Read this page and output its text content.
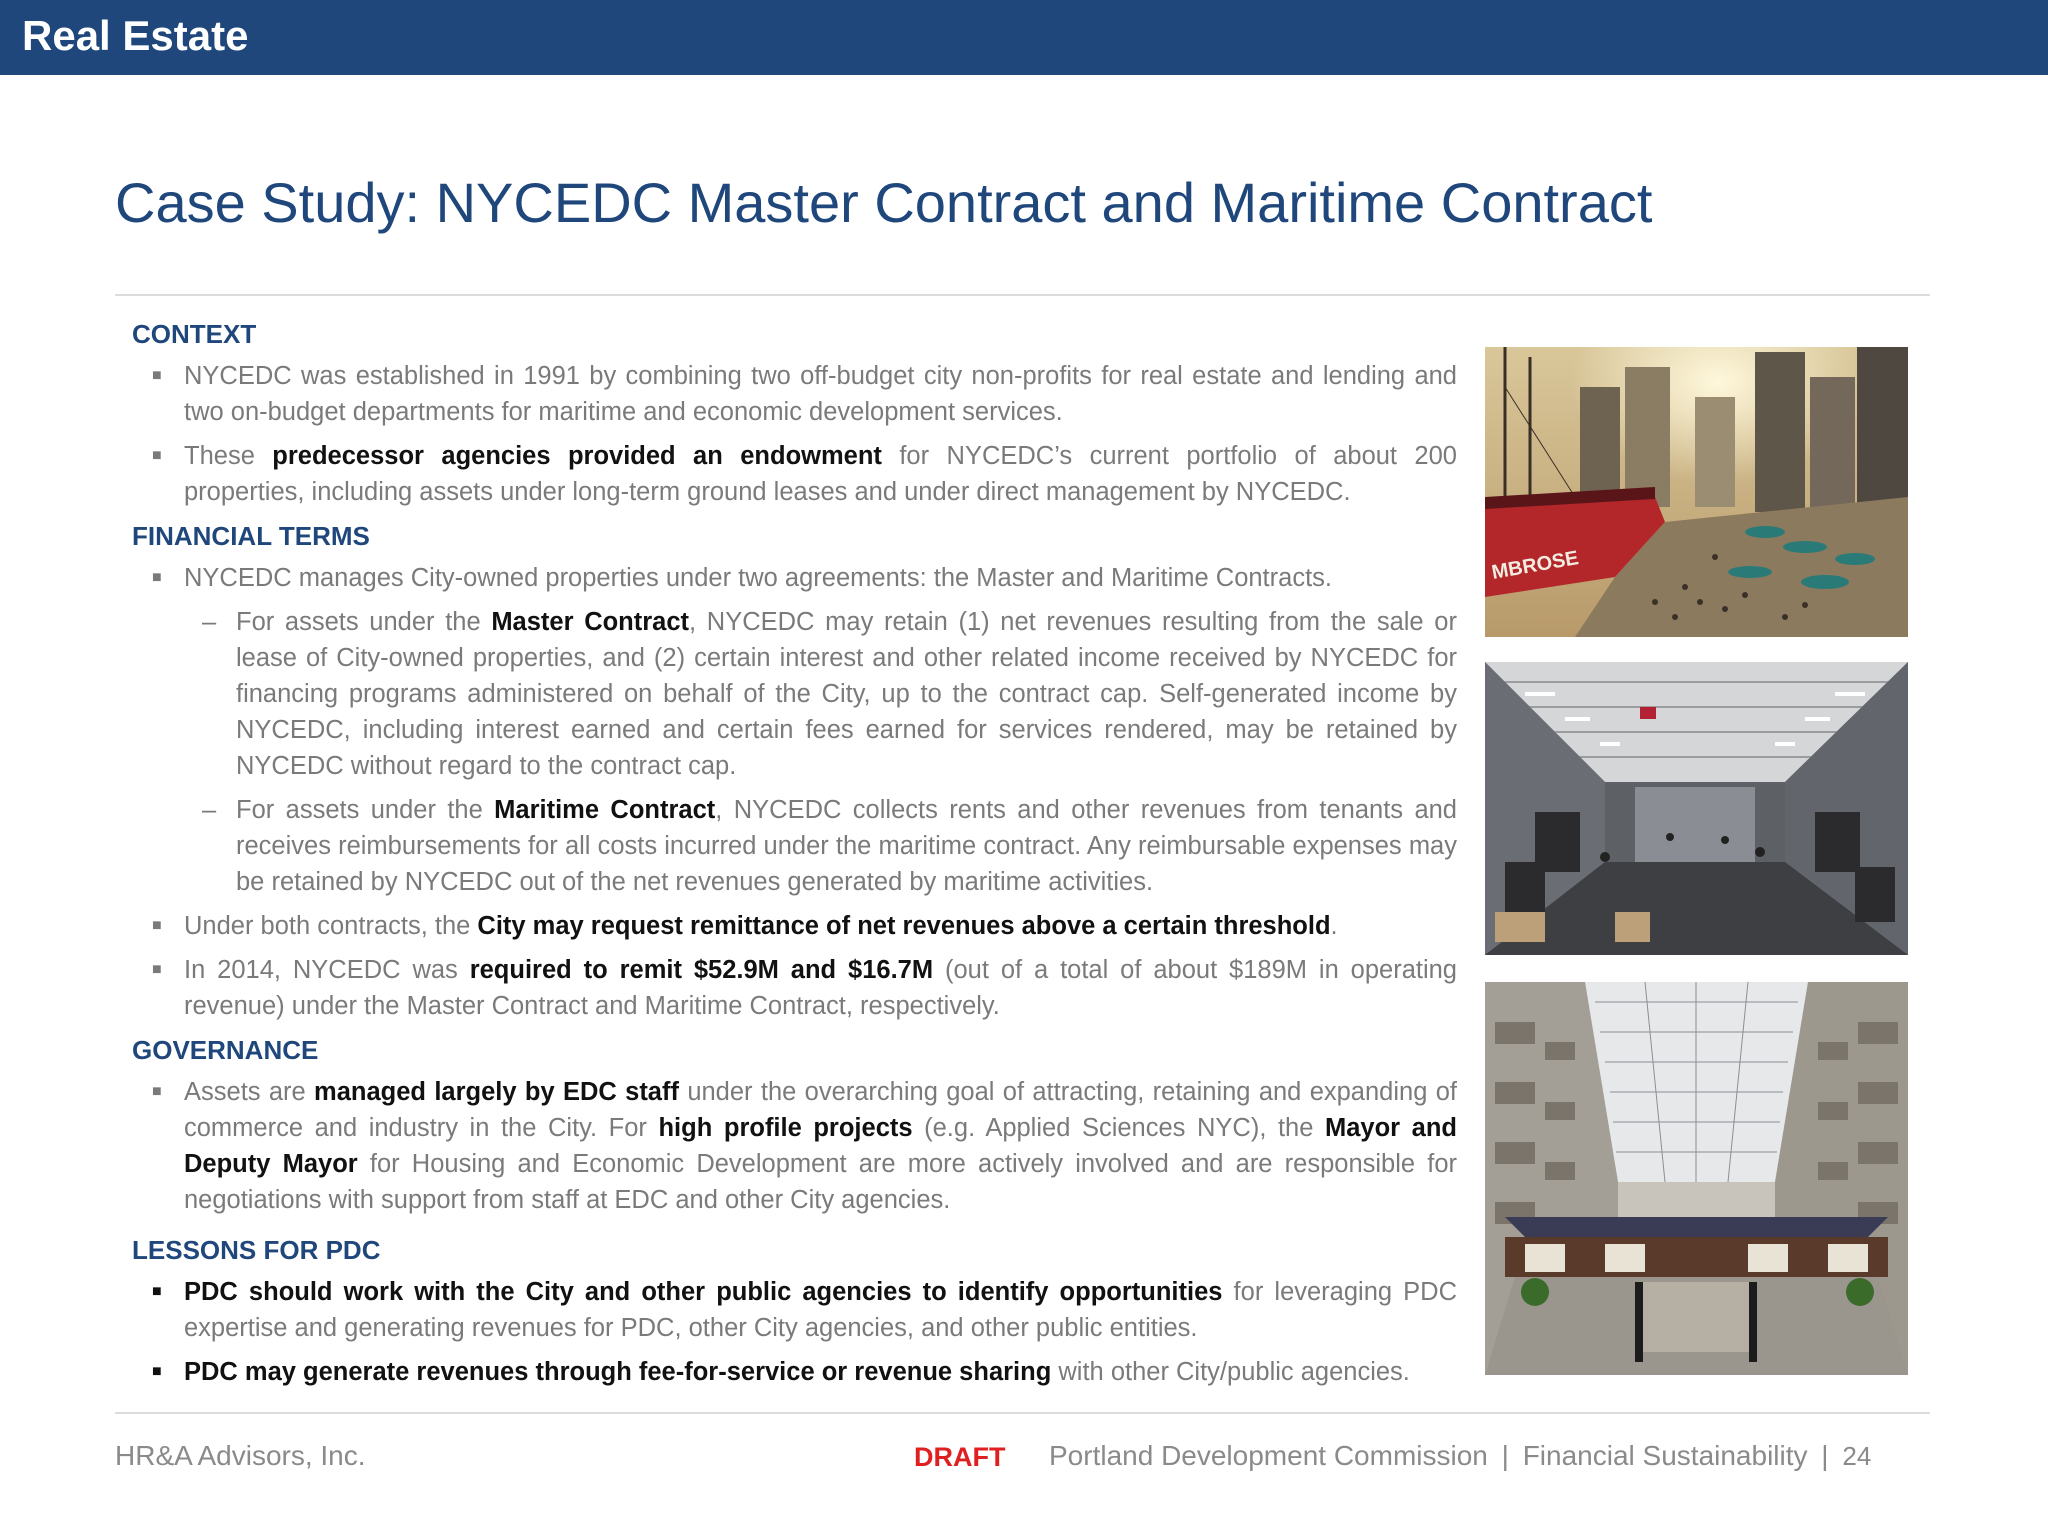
Real Estate
Case Study: NYCEDC Master Contract and Maritime Contract
CONTEXT
■ NYCEDC was established in 1991 by combining two off-budget city non-profits for real estate and lending and two on-budget departments for maritime and economic development services.
■ These predecessor agencies provided an endowment for NYCEDC’s current portfolio of about 200 properties, including assets under long-term ground leases and under direct management by NYCEDC.
FINANCIAL TERMS
■ NYCEDC manages City-owned properties under two agreements: the Master and Maritime Contracts.
– For assets under the Master Contract, NYCEDC may retain (1) net revenues resulting from the sale or lease of City-owned properties, and (2) certain interest and other related income received by NYCEDC for financing programs administered on behalf of the City, up to the contract cap. Self-generated income by NYCEDC, including interest earned and certain fees earned for services rendered, may be retained by NYCEDC without regard to the contract cap.
– For assets under the Maritime Contract, NYCEDC collects rents and other revenues from tenants and receives reimbursements for all costs incurred under the maritime contract. Any reimbursable expenses may be retained by NYCEDC out of the net revenues generated by maritime activities.
■ Under both contracts, the City may request remittance of net revenues above a certain threshold.
■ In 2014, NYCEDC was required to remit $52.9M and $16.7M (out of a total of about $189M in operating revenue) under the Master Contract and Maritime Contract, respectively.
GOVERNANCE
■ Assets are managed largely by EDC staff under the overarching goal of attracting, retaining and expanding of commerce and industry in the City. For high profile projects (e.g. Applied Sciences NYC), the Mayor and Deputy Mayor for Housing and Economic Development are more actively involved and are responsible for negotiations with support from staff at EDC and other City agencies.
LESSONS FOR PDC
■ PDC should work with the City and other public agencies to identify opportunities for leveraging PDC expertise and generating revenues for PDC, other City agencies, and other public entities.
■ PDC may generate revenues through fee-for-service or revenue sharing with other City/public agencies.
MBROSE
HR&A Advisors, Inc.	DRAFT Portland Development Commission | Financial Sustainability | 24
